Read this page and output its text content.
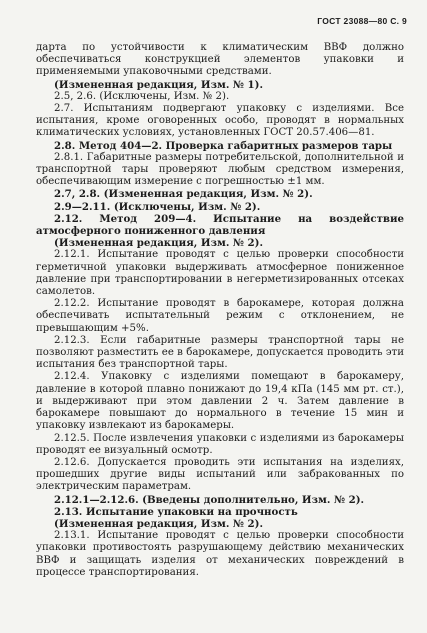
ГОСТ 23088—80 С. 9

дарта по устойчивости к климатическим ВВФ должно обеспечиваться конструкцией элементов упаковки и применяемыми упаковочными средствами.

(Измененная редакция, Изм. № 1).

2.5, 2.6. (Исключены, Изм. № 2).

2.7. Испытаниям подвергают упаковку с изделиями. Все испытания, кроме оговоренных особо, проводят в нормальных климатических условиях, установленных ГОСТ 20.57.406—81.

2.8. Метод 404—2. Проверка габаритных размеров тары

2.8.1. Габаритные размеры потребительской, дополнительной и транспортной тары проверяют любым средством измерения, обеспечивающим измерение с погрешностью ±1 мм.

2.7, 2.8. (Измененная редакция, Изм. № 2).

2.9—2.11. (Исключены, Изм. № 2).

2.12. Метод 209—4. Испытание на воздействие атмосферного пониженного давления

(Измененная редакция, Изм. № 2).

2.12.1. Испытание проводят с целью проверки способности герметичной упаковки выдерживать атмосферное пониженное давление при транспортировании в негерметизированных отсеках самолетов.

2.12.2. Испытание проводят в барокамере, которая должна обеспечивать испытательный режим с отклонением, не превышающим +5%.

2.12.3. Если габаритные размеры транспортной тары не позволяют разместить ее в барокамере, допускается проводить эти испытания без транспортной тары.

2.12.4. Упаковку с изделиями помещают в барокамеру, давление в которой плавно понижают до 19,4 кПа (145 мм рт. ст.), и выдерживают при этом давлении 2 ч. Затем давление в барокамере повышают до нормального в течение 15 мин и упаковку извлекают из барокамеры.

2.12.5. После извлечения упаковки с изделиями из барокамеры проводят ее визуальный осмотр.

2.12.6. Допускается проводить эти испытания на изделиях, прошедших другие виды испытаний или забракованных по электрическим параметрам.

2.12.1—2.12.6. (Введены дополнительно, Изм. № 2).

2.13. Испытание упаковки на прочность

(Измененная редакция, Изм. № 2).

2.13.1. Испытание проводят с целью проверки способности упаковки противостоять разрушающему действию механических ВВФ и защищать изделия от механических повреждений в процессе транспортирования.
